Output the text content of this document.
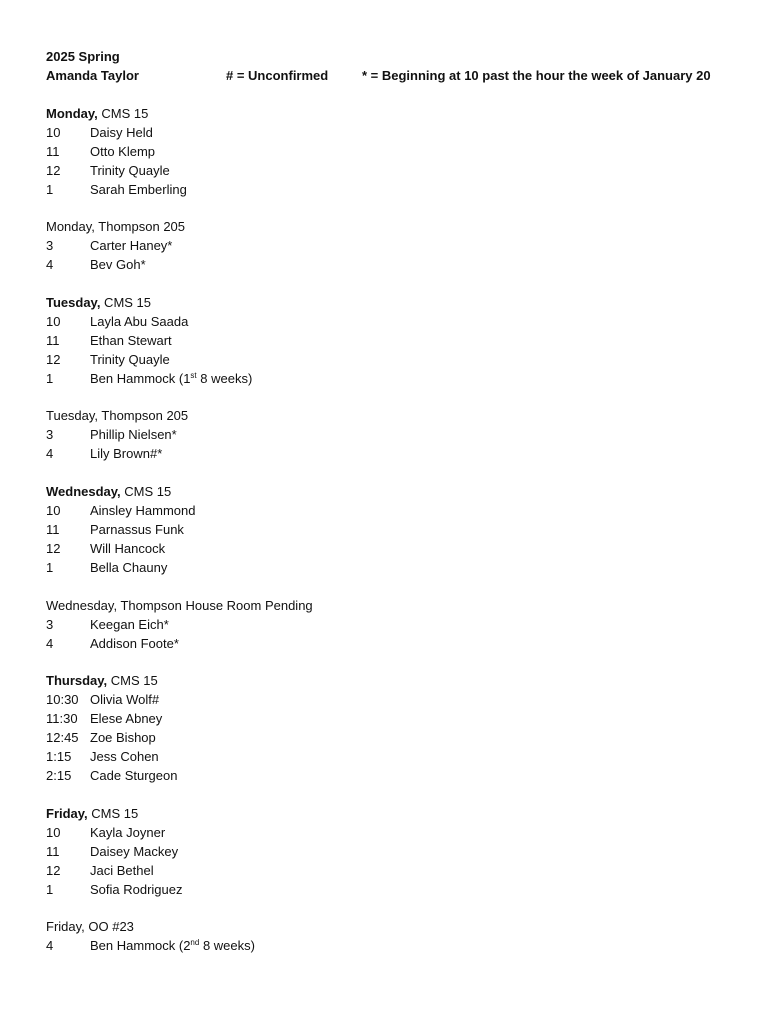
2025 Spring
Amanda Taylor	# = Unconfirmed	* = Beginning at 10 past the hour the week of January 20
Monday, CMS 15
10 Daisy Held
11 Otto Klemp
12 Trinity Quayle
1	Sarah Emberling
Monday, Thompson 205
3	Carter Haney*
4	Bev Goh*
Tuesday, CMS 15
10 Layla Abu Saada
11 Ethan Stewart
12 Trinity Quayle
1	Ben Hammock (1st 8 weeks)
Tuesday, Thompson 205
3	Phillip Nielsen*
4	Lily Brown#*
Wednesday, CMS 15
10 Ainsley Hammond
11 Parnassus Funk
12 Will Hancock
1	Bella Chauny
Wednesday, Thompson House Room Pending
3	Keegan Eich*
4	Addison Foote*
Thursday, CMS 15
10:30 Olivia Wolf#
11:30 Elese Abney
12:45 Zoe Bishop
1:15 Jess Cohen
2:15 Cade Sturgeon
Friday, CMS 15
10 Kayla Joyner
11 Daisey Mackey
12 Jaci Bethel
1	Sofia Rodriguez
Friday, OO #23
4	Ben Hammock (2nd 8 weeks)
